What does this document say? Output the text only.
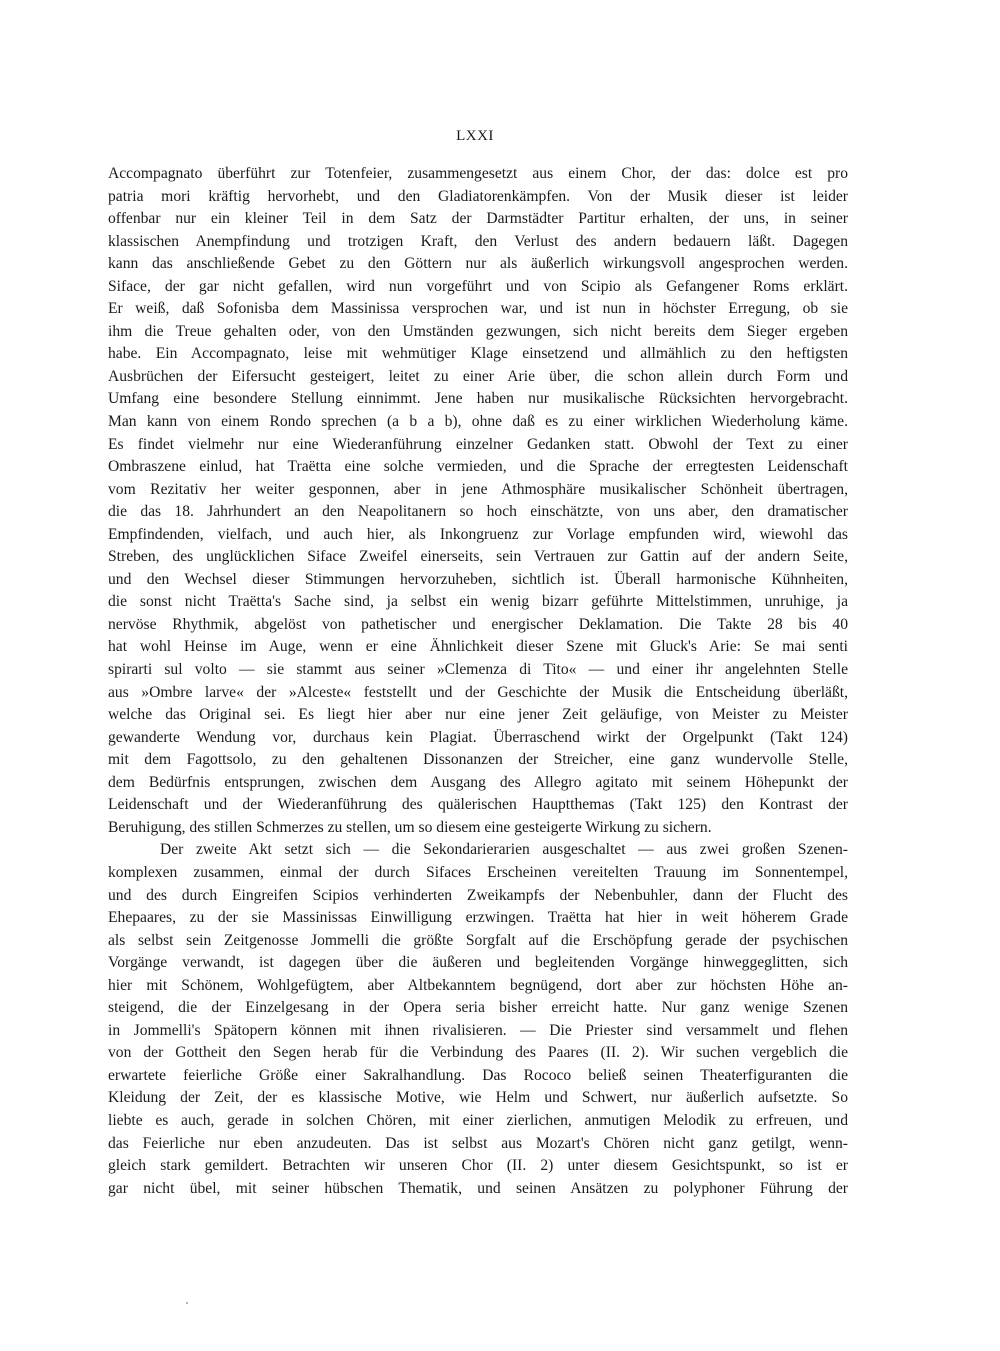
LXXI
Accompagnato überführt zur Totenfeier, zusammengesetzt aus einem Chor, der das: dolce est pro
patria mori kräftig hervorhebt, und den Gladiatorenkämpfen. Von der Musik dieser ist leider
offenbar nur ein kleiner Teil in dem Satz der Darmstädter Partitur erhalten, der uns, in seiner
klassischen Anempfindung und trotzigen Kraft, den Verlust des andern bedauern läßt. Dagegen
kann das anschließende Gebet zu den Göttern nur als äußerlich wirkungsvoll angesprochen werden.
Siface, der gar nicht gefallen, wird nun vorgeführt und von Scipio als Gefangener Roms erklärt.
Er weiß, daß Sofonisba dem Massinissa versprochen war, und ist nun in höchster Erregung, ob sie
ihm die Treue gehalten oder, von den Umständen gezwungen, sich nicht bereits dem Sieger ergeben
habe. Ein Accompagnato, leise mit wehmütiger Klage einsetzend und allmählich zu den heftigsten
Ausbrüchen der Eifersucht gesteigert, leitet zu einer Arie über, die schon allein durch Form und
Umfang eine besondere Stellung einnimmt. Jene haben nur musikalische Rücksichten hervorgebracht.
Man kann von einem Rondo sprechen (a b a b), ohne daß es zu einer wirklichen Wiederholung käme.
Es findet vielmehr nur eine Wiederanführung einzelner Gedanken statt. Obwohl der Text zu einer
Ombraszene einlud, hat Traëtta eine solche vermieden, und die Sprache der erregtesten Leidenschaft
vom Rezitativ her weiter gesponnen, aber in jene Athmosphäre musikalischer Schönheit übertragen,
die das 18. Jahrhundert an den Neapolitanern so hoch einschätzte, von uns aber, den dramatischer
Empfindenden, vielfach, und auch hier, als Inkongruenz zur Vorlage empfunden wird, wiewohl das
Streben, des unglücklichen Siface Zweifel einerseits, sein Vertrauen zur Gattin auf der andern Seite,
und den Wechsel dieser Stimmungen hervorzuheben, sichtlich ist. Überall harmonische Kühnheiten,
die sonst nicht Traëtta's Sache sind, ja selbst ein wenig bizarr geführte Mittelstimmen, unruhige, ja
nervöse Rhythmik, abgelöst von pathetischer und energischer Deklamation. Die Takte 28 bis 40
hat wohl Heinse im Auge, wenn er eine Ähnlichkeit dieser Szene mit Gluck's Arie: Se mai senti
spirarti sul volto — sie stammt aus seiner »Clemenza di Tito« — und einer ihr angelehnten Stelle
aus »Ombre larve« der »Alceste« feststellt und der Geschichte der Musik die Entscheidung überläßt,
welche das Original sei. Es liegt hier aber nur eine jener Zeit geläufige, von Meister zu Meister
gewanderte Wendung vor, durchaus kein Plagiat. Überraschend wirkt der Orgelpunkt (Takt 124)
mit dem Fagottsolo, zu den gehaltenen Dissonanzen der Streicher, eine ganz wundervolle Stelle,
dem Bedürfnis entsprungen, zwischen dem Ausgang des Allegro agitato mit seinem Höhepunkt der
Leidenschaft und der Wiederanführung des quälerischen Hauptthemas (Takt 125) den Kontrast der
Beruhigung, des stillen Schmerzes zu stellen, um so diesem eine gesteigerte Wirkung zu sichern.
Der zweite Akt setzt sich — die Sekondarierarien ausgeschaltet — aus zwei großen Szenen-
komplexen zusammen, einmal der durch Sifaces Erscheinen vereitelten Trauung im Sonnentempel,
und des durch Eingreifen Scipios verhinderten Zweikampfs der Nebenbuhler, dann der Flucht des
Ehepaares, zu der sie Massinissas Einwilligung erzwingen. Traëtta hat hier in weit höherem Grade
als selbst sein Zeitgenosse Jommelli die größte Sorgfalt auf die Erschöpfung gerade der psychischen
Vorgänge verwandt, ist dagegen über die äußeren und begleitenden Vorgänge hinweggeglitten, sich
hier mit Schönem, Wohlgefügtem, aber Altbekanntem begnügend, dort aber zur höchsten Höhe an-
steigend, die der Einzelgesang in der Opera seria bisher erreicht hatte. Nur ganz wenige Szenen
in Jommelli's Spätopern können mit ihnen rivalisieren. — Die Priester sind versammelt und flehen
von der Gottheit den Segen herab für die Verbindung des Paares (II. 2). Wir suchen vergeblich die
erwartete feierliche Größe einer Sakralhandlung. Das Rococo beließ seinen Theaterfiguranten die
Kleidung der Zeit, der es klassische Motive, wie Helm und Schwert, nur äußerlich aufsetzte. So
liebte es auch, gerade in solchen Chören, mit einer zierlichen, anmutigen Melodik zu erfreuen, und
das Feierliche nur eben anzudeuten. Das ist selbst aus Mozart's Chören nicht ganz getilgt, wenn-
gleich stark gemildert. Betrachten wir unseren Chor (II. 2) unter diesem Gesichtspunkt, so ist er
gar nicht übel, mit seiner hübschen Thematik, und seinen Ansätzen zu polyphoner Führung der
